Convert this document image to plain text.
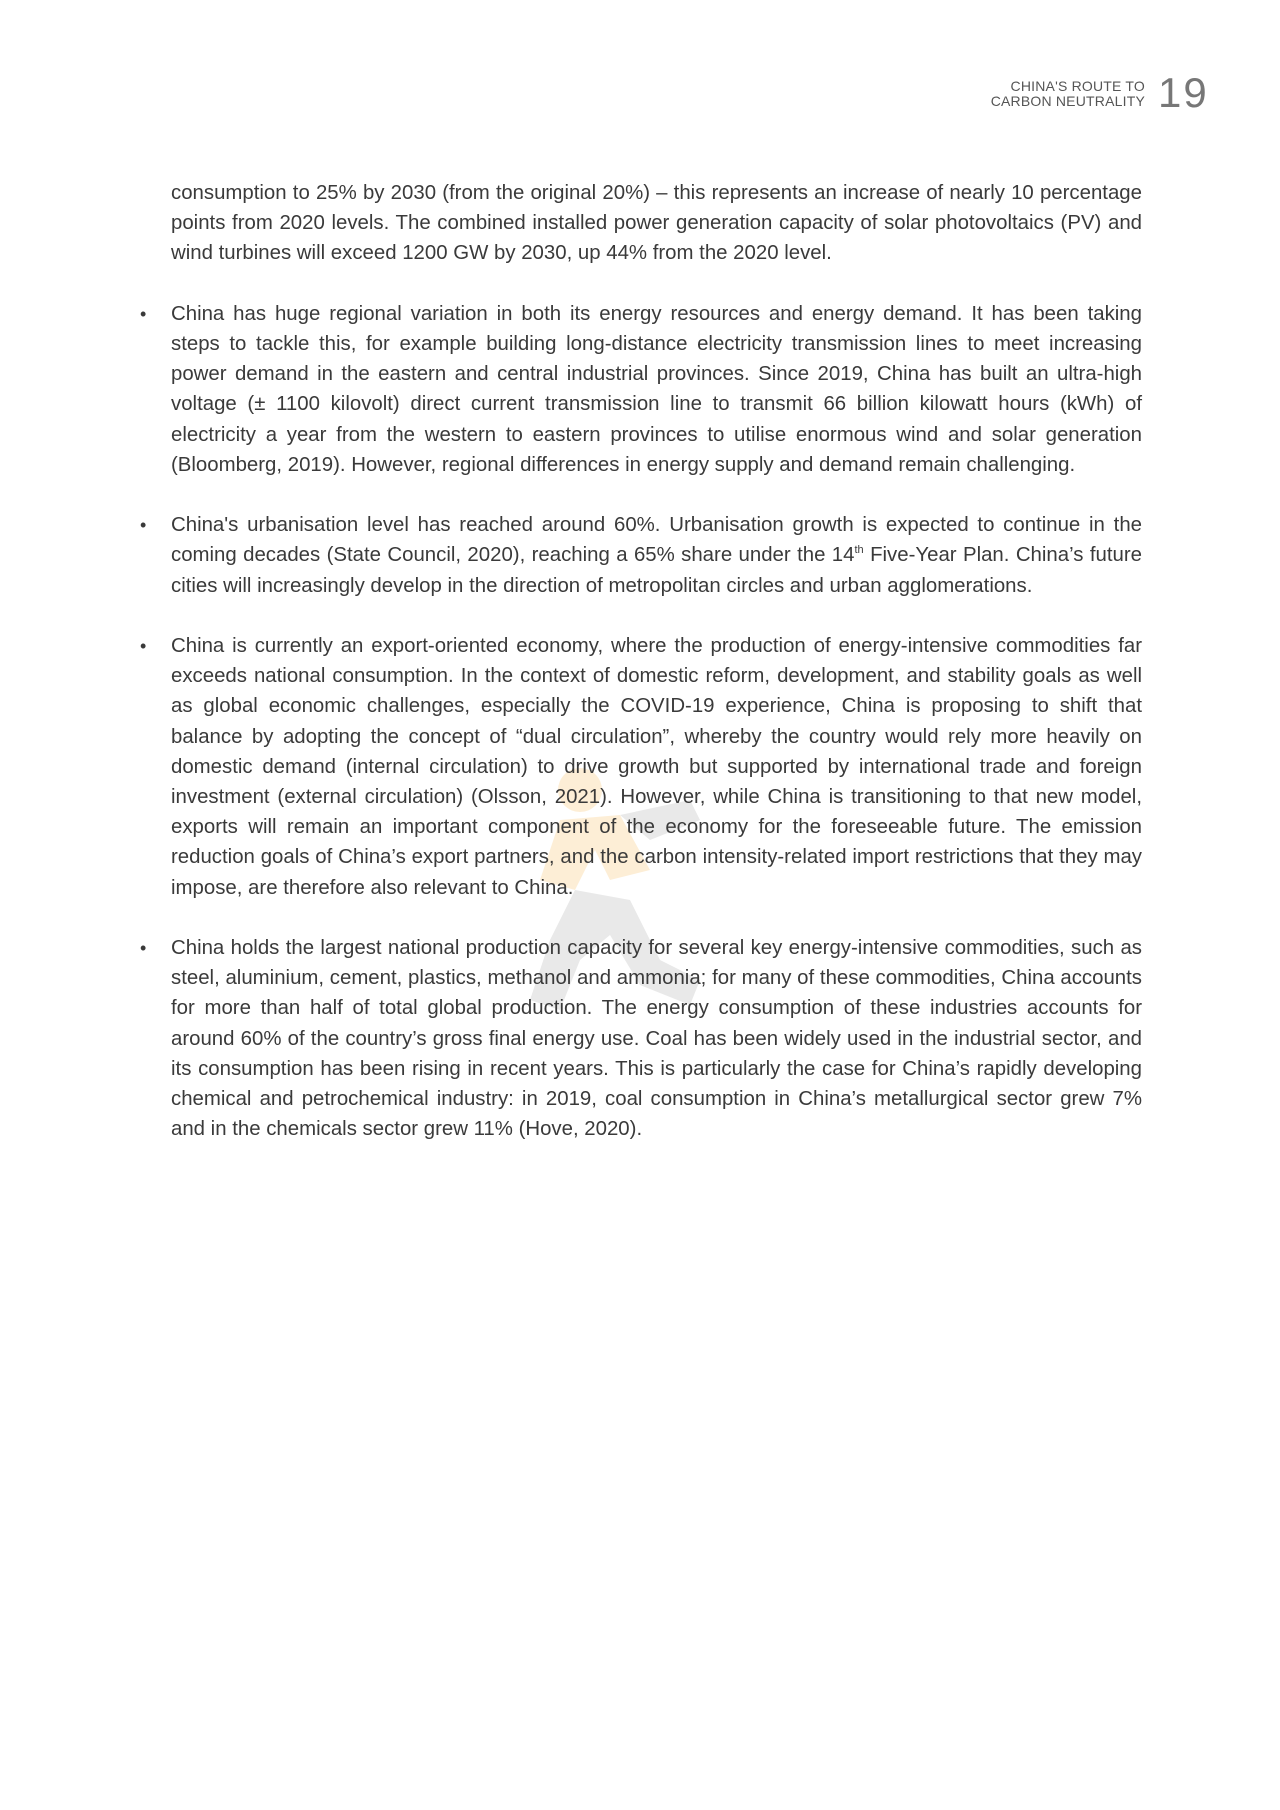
CHINA'S ROUTE TO
CARBON NEUTRALITY 19

consumption to 25% by 2030 (from the original 20%) – this represents an increase of nearly 10 percentage points from 2020 levels. The combined installed power generation capacity of solar photovoltaics (PV) and wind turbines will exceed 1200 GW by 2030, up 44% from the 2020 level.

• China has huge regional variation in both its energy resources and energy demand. It has been taking steps to tackle this, for example building long-distance electricity transmission lines to meet increasing power demand in the eastern and central industrial provinces. Since 2019, China has built an ultra-high voltage (± 1100 kilovolt) direct current transmission line to transmit 66 billion kilowatt hours (kWh) of electricity a year from the western to eastern provinces to utilise enormous wind and solar generation (Bloomberg, 2019). However, regional differences in energy supply and demand remain challenging.
• China's urbanisation level has reached around 60%. Urbanisation growth is expected to continue in the coming decades (State Council, 2020), reaching a 65% share under the 14th Five-Year Plan. China’s future cities will increasingly develop in the direction of metropolitan circles and urban agglomerations.
• China is currently an export-oriented economy, where the production of energy-intensive commodities far exceeds national consumption. In the context of domestic reform, development, and stability goals as well as global economic challenges, especially the COVID-19 experience, China is proposing to shift that balance by adopting the concept of “dual circulation”, whereby the country would rely more heavily on domestic demand (internal circulation) to drive growth but supported by international trade and foreign investment (external circulation) (Olsson, 2021). However, while China is transitioning to that new model, exports will remain an important component of the economy for the foreseeable future. The emission reduction goals of China’s export partners, and the carbon intensity-related import restrictions that they may impose, are therefore also relevant to China.
• China holds the largest national production capacity for several key energy-intensive commodities, such as steel, aluminium, cement, plastics, methanol and ammonia; for many of these commodities, China accounts for more than half of total global production. The energy consumption of these industries accounts for around 60% of the country’s gross final energy use. Coal has been widely used in the industrial sector, and its consumption has been rising in recent years. This is particularly the case for China’s rapidly developing chemical and petrochemical industry: in 2019, coal consumption in China’s metallurgical sector grew 7% and in the chemicals sector grew 11% (Hove, 2020).
